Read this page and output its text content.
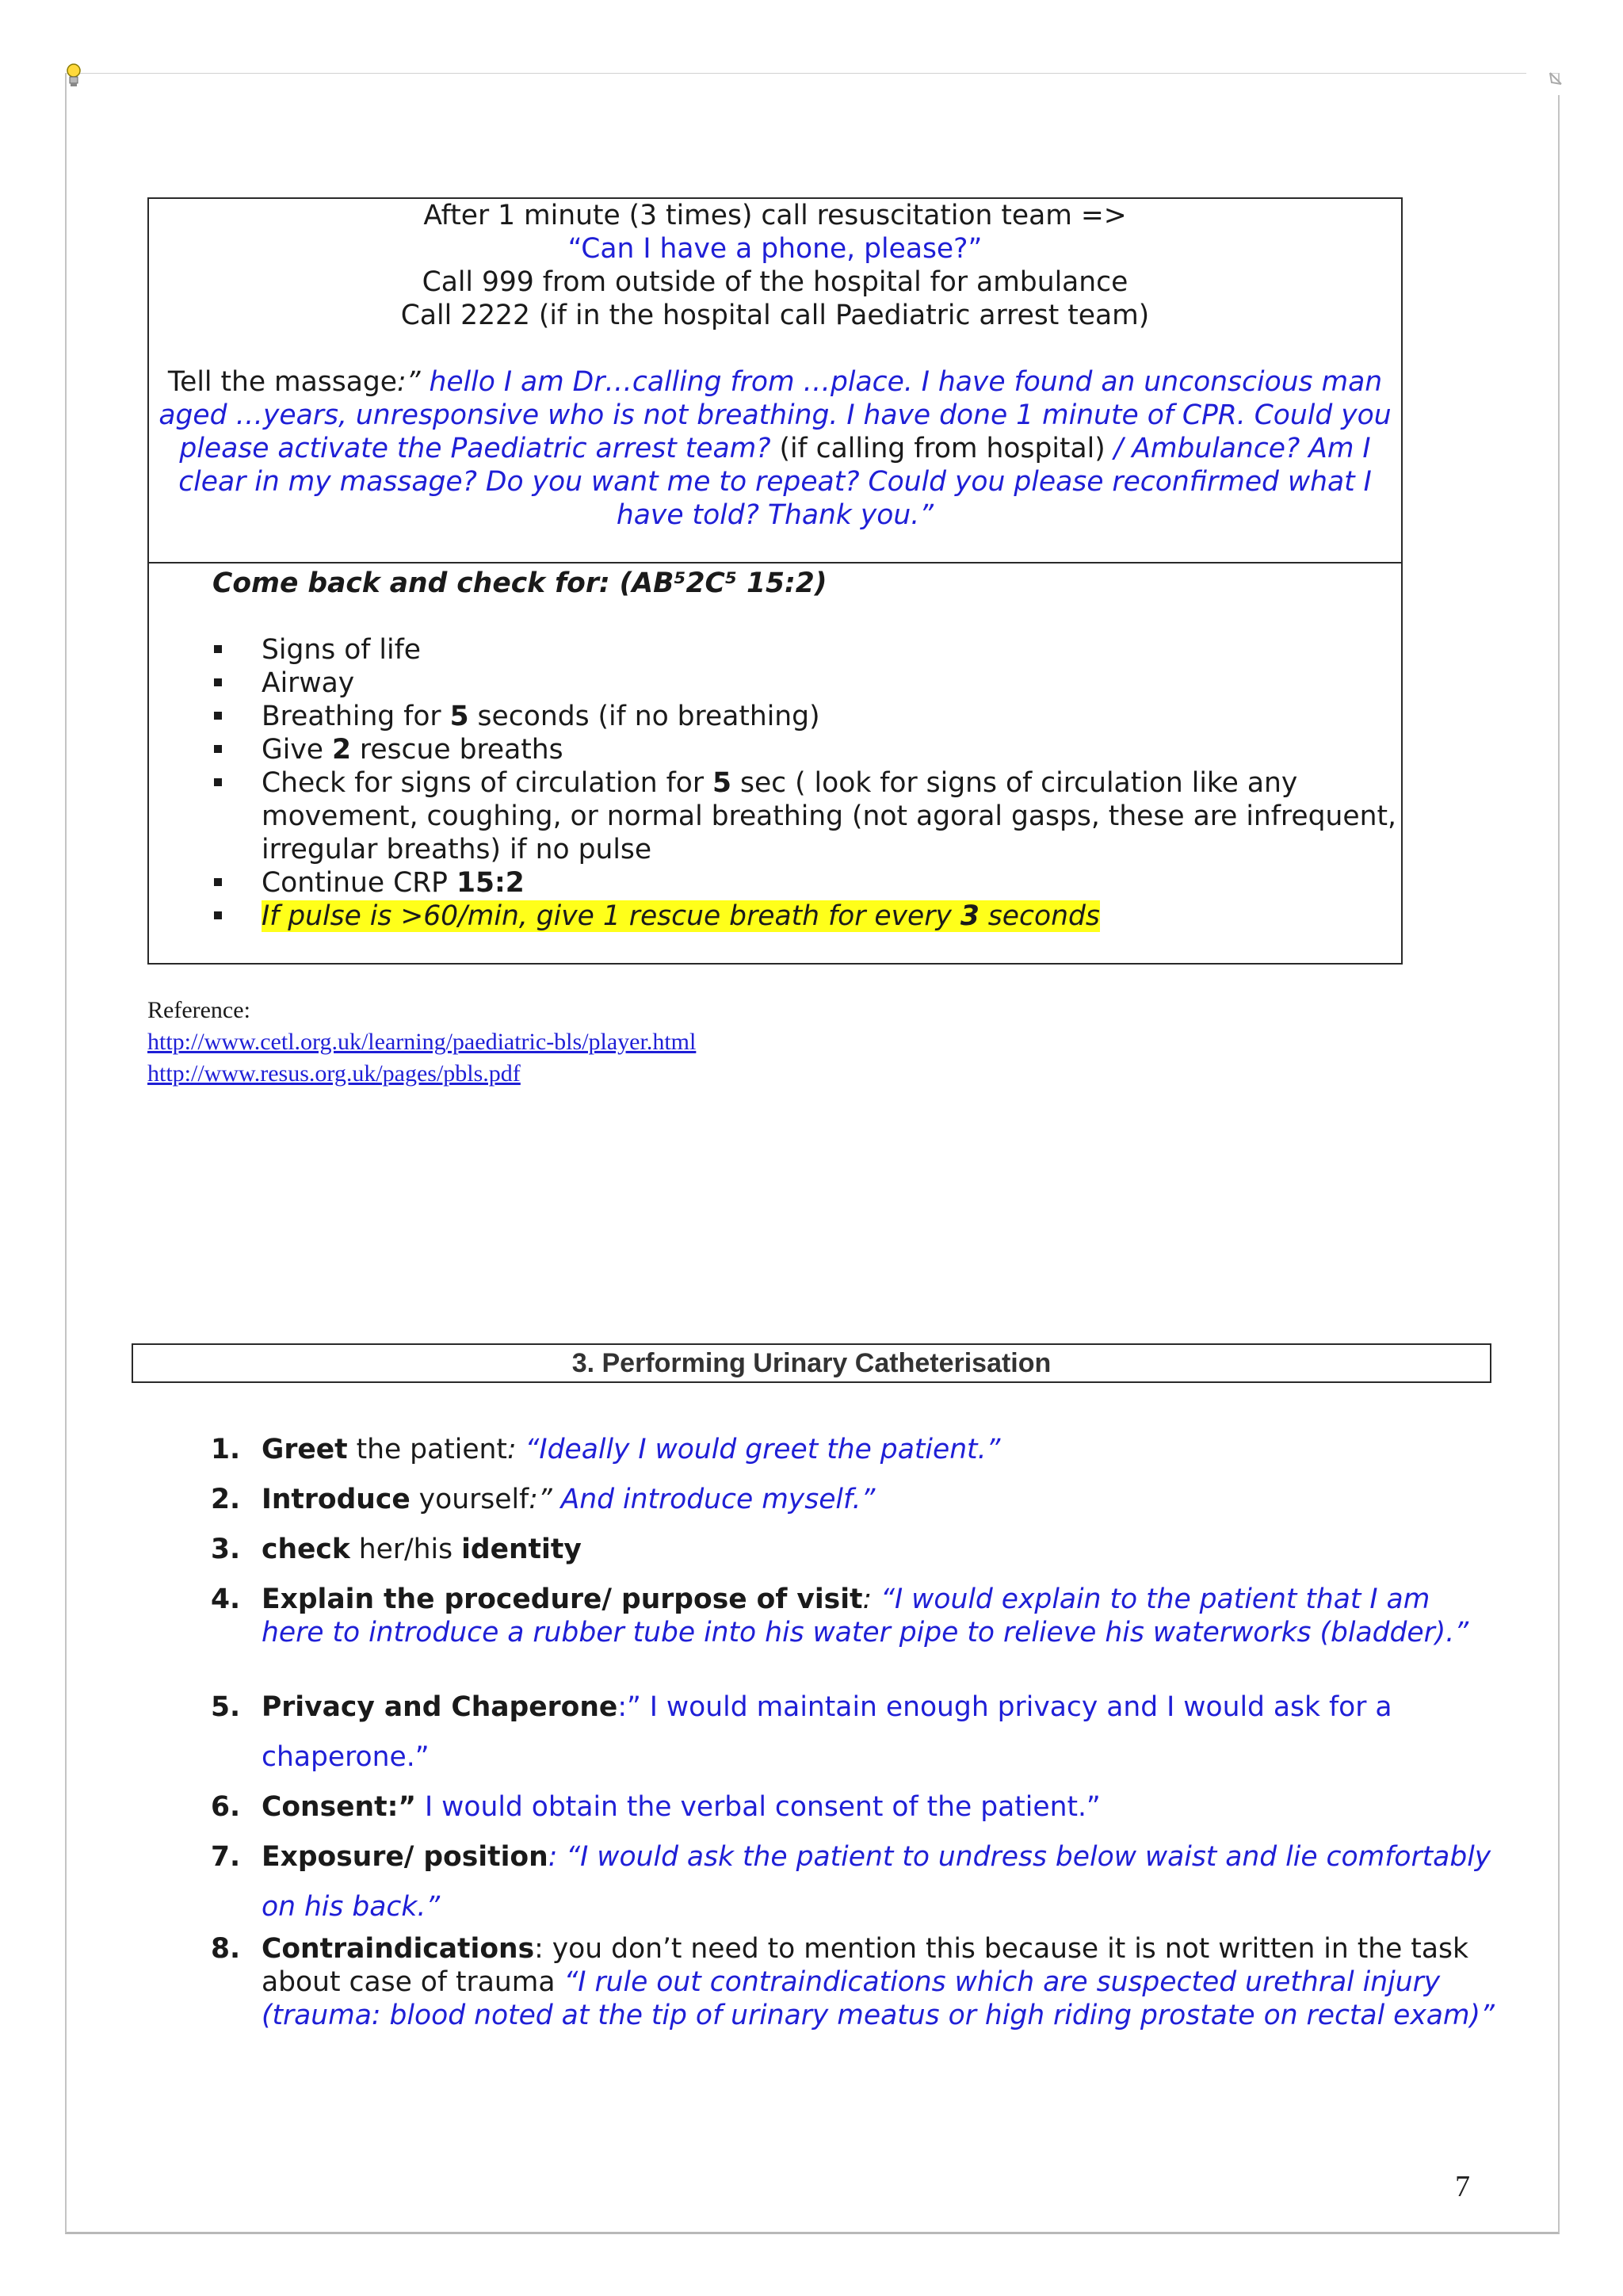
After 1 minute (3 times) call resuscitation team =>

“Can I have a phone, please?”

Call 999 from outside of the hospital for ambulance

Call 2222 (if in the hospital call Paediatric arrest team)

Tell the massage:” hello I am Dr…calling from …place. I have found an unconscious man aged …years, unresponsive who is not breathing. I have done 1 minute of CPR. Could you please activate the Paediatric arrest team? (if calling from hospital) / Ambulance? Am I clear in my massage? Do you want me to repeat? Could you please reconfirmed what I have told? Thank you.”

Come back and check for: (AB⁵2C⁵ 15:2)

Signs of life
Airway
Breathing for 5 seconds (if no breathing)
Give 2 rescue breaths
Check for signs of circulation for 5 sec ( look for signs of circulation like any movement, coughing, or normal breathing (not agoral gasps, these are infrequent, irregular breaths) if no pulse
Continue CRP 15:2
If pulse is >60/min, give 1 rescue breath for every 3 seconds
Reference:
http://www.cetl.org.uk/learning/paediatric-bls/player.html
http://www.resus.org.uk/pages/pbls.pdf
3. Performing Urinary Catheterisation
1. Greet the patient: “Ideally I would greet the patient.”
2. Introduce yourself:” And introduce myself.”
3. check her/his identity
4. Explain the procedure/ purpose of visit: “I would explain to the patient that I am here to introduce a rubber tube into his water pipe to relieve his waterworks (bladder).”
5. Privacy and Chaperone:” I would maintain enough privacy and I would ask for a chaperone.”
6. Consent:” I would obtain the verbal consent of the patient.”
7. Exposure/ position: “I would ask the patient to undress below waist and lie comfortably on his back.”
8. Contraindications: you don’t need to mention this because it is not written in the task about case of trauma “I rule out contraindications which are suspected urethral injury (trauma: blood noted at the tip of urinary meatus or high riding prostate on rectal exam)”
7
